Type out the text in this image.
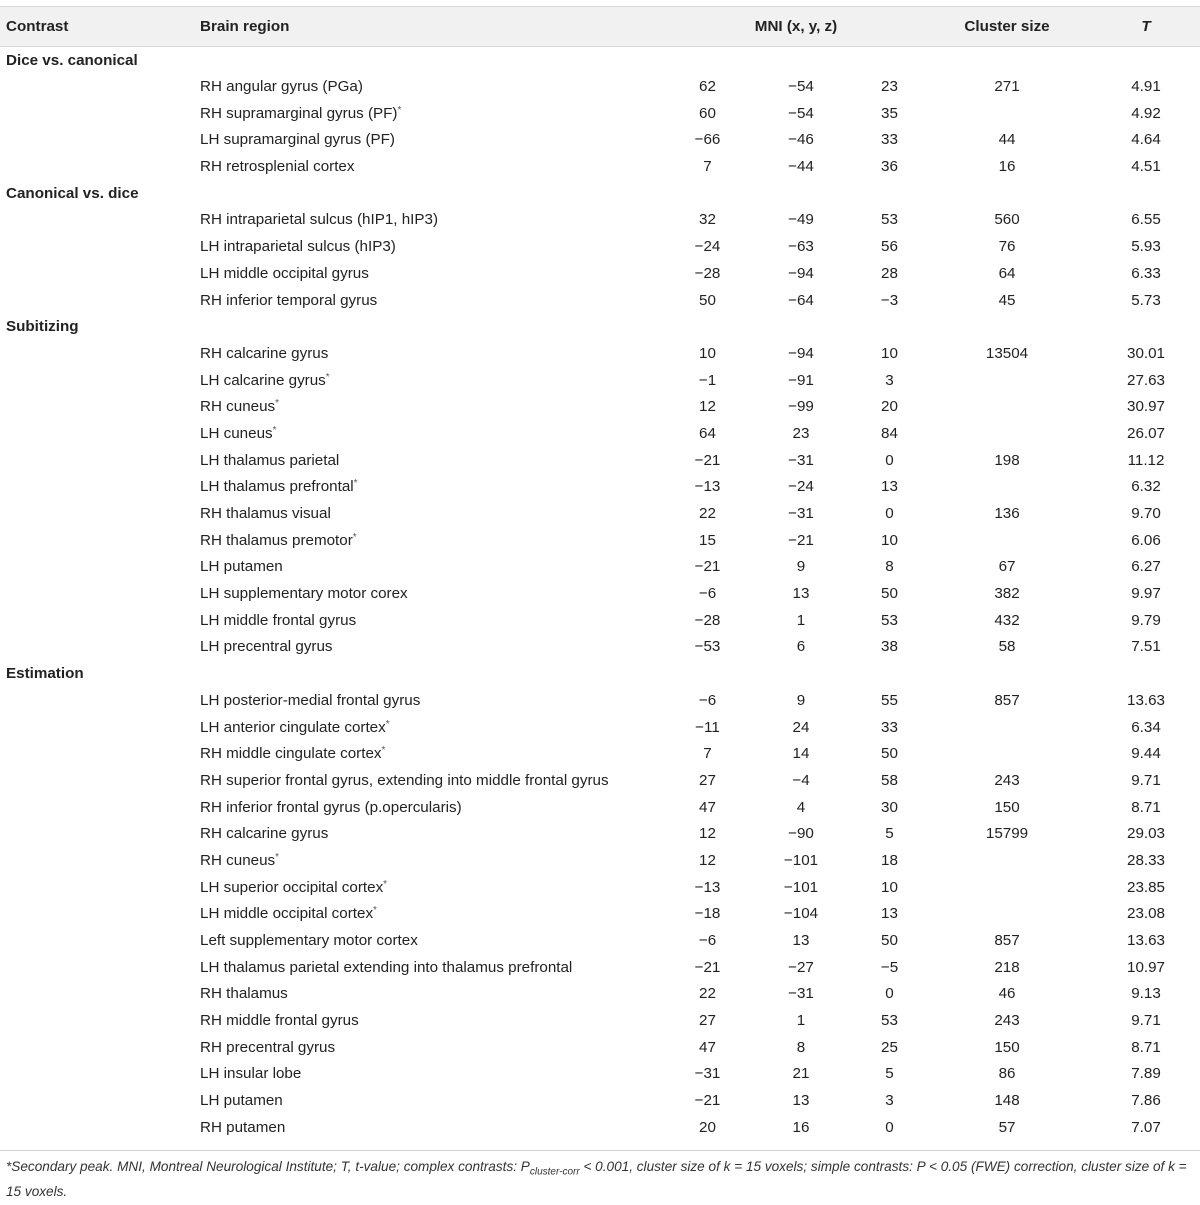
Contrast	Brain region	MNI (x, y, z)			Cluster size	T
Dice vs. canonical						
	RH angular gyrus (PGa)	62	−54	23	271	4.91
	RH supramarginal gyrus (PF)*	60	−54	35		4.92
	LH supramarginal gyrus (PF)	−66	−46	33	44	4.64
	RH retrosplenial cortex	7	−44	36	16	4.51
Canonical vs. dice						
	RH intraparietal sulcus (hIP1, hIP3)	32	−49	53	560	6.55
	LH intraparietal sulcus (hIP3)	−24	−63	56	76	5.93
	LH middle occipital gyrus	−28	−94	28	64	6.33
	RH inferior temporal gyrus	50	−64	−3	45	5.73
Subitizing						
	RH calcarine gyrus	10	−94	10	13504	30.01
	LH calcarine gyrus*	−1	−91	3		27.63
	RH cuneus*	12	−99	20		30.97
	LH cuneus*	64	23	84		26.07
	LH thalamus parietal	−21	−31	0	198	11.12
	LH thalamus prefrontal*	−13	−24	13		6.32
	RH thalamus visual	22	−31	0	136	9.70
	RH thalamus premotor*	15	−21	10		6.06
	LH putamen	−21	9	8	67	6.27
	LH supplementary motor corex	−6	13	50	382	9.97
	LH middle frontal gyrus	−28	1	53	432	9.79
	LH precentral gyrus	−53	6	38	58	7.51
Estimation						
	LH posterior-medial frontal gyrus	−6	9	55	857	13.63
	LH anterior cingulate cortex*	−11	24	33		6.34
	RH middle cingulate cortex*	7	14	50		9.44
	RH superior frontal gyrus, extending into middle frontal gyrus	27	−4	58	243	9.71
	RH inferior frontal gyrus (p.opercularis)	47	4	30	150	8.71
	RH calcarine gyrus	12	−90	5	15799	29.03
	RH cuneus*	12	−101	18		28.33
	LH superior occipital cortex*	−13	−101	10		23.85
	LH middle occipital cortex*	−18	−104	13		23.08
	Left supplementary motor cortex	−6	13	50	857	13.63
	LH thalamus parietal extending into thalamus prefrontal	−21	−27	−5	218	10.97
	RH thalamus	22	−31	0	46	9.13
	RH middle frontal gyrus	27	1	53	243	9.71
	RH precentral gyrus	47	8	25	150	8.71
	LH insular lobe	−31	21	5	86	7.89
	LH putamen	−21	13	3	148	7.86
	RH putamen	20	16	0	57	7.07
*Secondary peak. MNI, Montreal Neurological Institute; T, t-value; complex contrasts: $P_{cluster-corr} < 0.001$, cluster size of k = 15 voxels; simple contrasts: P < 0.05 (FWE) correction, cluster size of k = 15 voxels.
